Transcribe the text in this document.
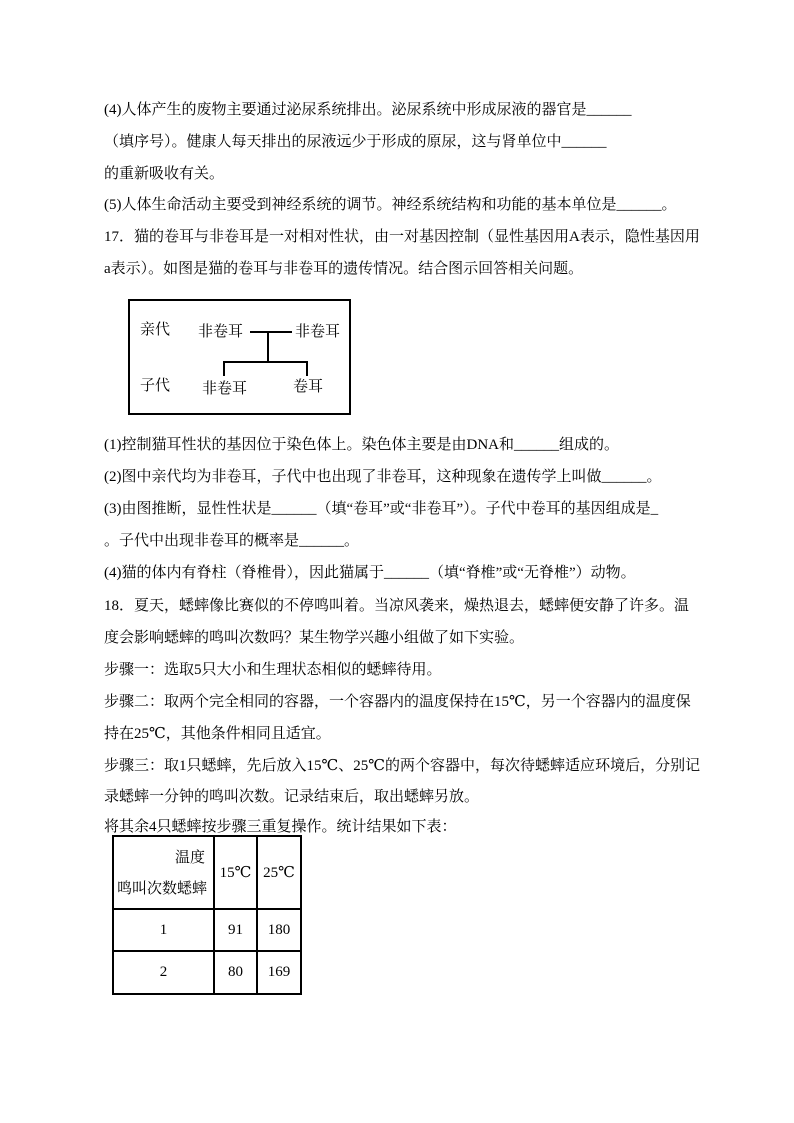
(4)人体产生的废物主要通过泌尿系统排出。泌尿系统中形成尿液的器官是______
（填序号）。健康人每天排出的尿液远少于形成的原尿，这与肾单位中______
的重新吸收有关。
(5)人体生命活动主要受到神经系统的调节。神经系统结构和功能的基本单位是______。
17．猫的卷耳与非卷耳是一对相对性状，由一对基因控制（显性基因用A表示，隐性基因用
a表示）。如图是猫的卷耳与非卷耳的遗传情况。结合图示回答相关问题。
亲代 非卷耳	非卷耳
子代 非卷耳	卷耳
(1)控制猫耳性状的基因位于染色体上。染色体主要是由DNA和______组成的。
(2)图中亲代均为非卷耳，子代中也出现了非卷耳，这种现象在遗传学上叫做______。
(3)由图推断，显性性状是______（填“卷耳”或“非卷耳”）。子代中卷耳的基因组成是_
。子代中出现非卷耳的概率是______。
(4)猫的体内有脊柱（脊椎骨），因此猫属于______（填“脊椎”或“无脊椎”）动物。
18．夏天，蟋蟀像比赛似的不停鸣叫着。当凉风袭来，燥热退去，蟋蟀便安静了许多。温
度会影响蟋蟀的鸣叫次数吗？某生物学兴趣小组做了如下实验。
步骤一：选取5只大小和生理状态相似的蟋蟀待用。
步骤二：取两个完全相同的容器，一个容器内的温度保持在15℃，另一个容器内的温度保
持在25℃，其他条件相同且适宜。
步骤三：取1只蟋蟀，先后放入15℃、25℃的两个容器中，每次待蟋蟀适应环境后，分别记
录蟋蟀一分钟的鸣叫次数。记录结束后，取出蟋蟀另放。
将其余4只蟋蟀按步骤三重复操作。统计结果如下表：
温度
鸣叫次数蟋蟀	15℃	25℃
1	91	180
2	80	169
